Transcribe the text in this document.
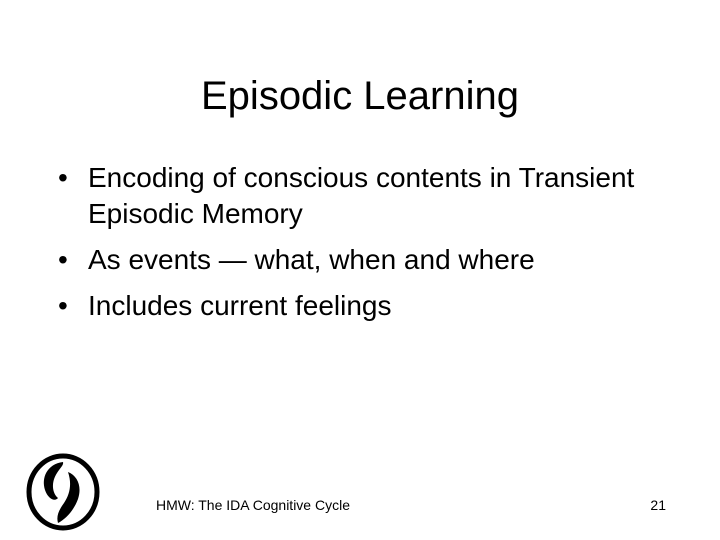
Episodic Learning
• Encoding of conscious contents in Transient Episodic Memory
• As events — what, when and where
• Includes current feelings
HMW: The IDA Cognitive Cycle	21
